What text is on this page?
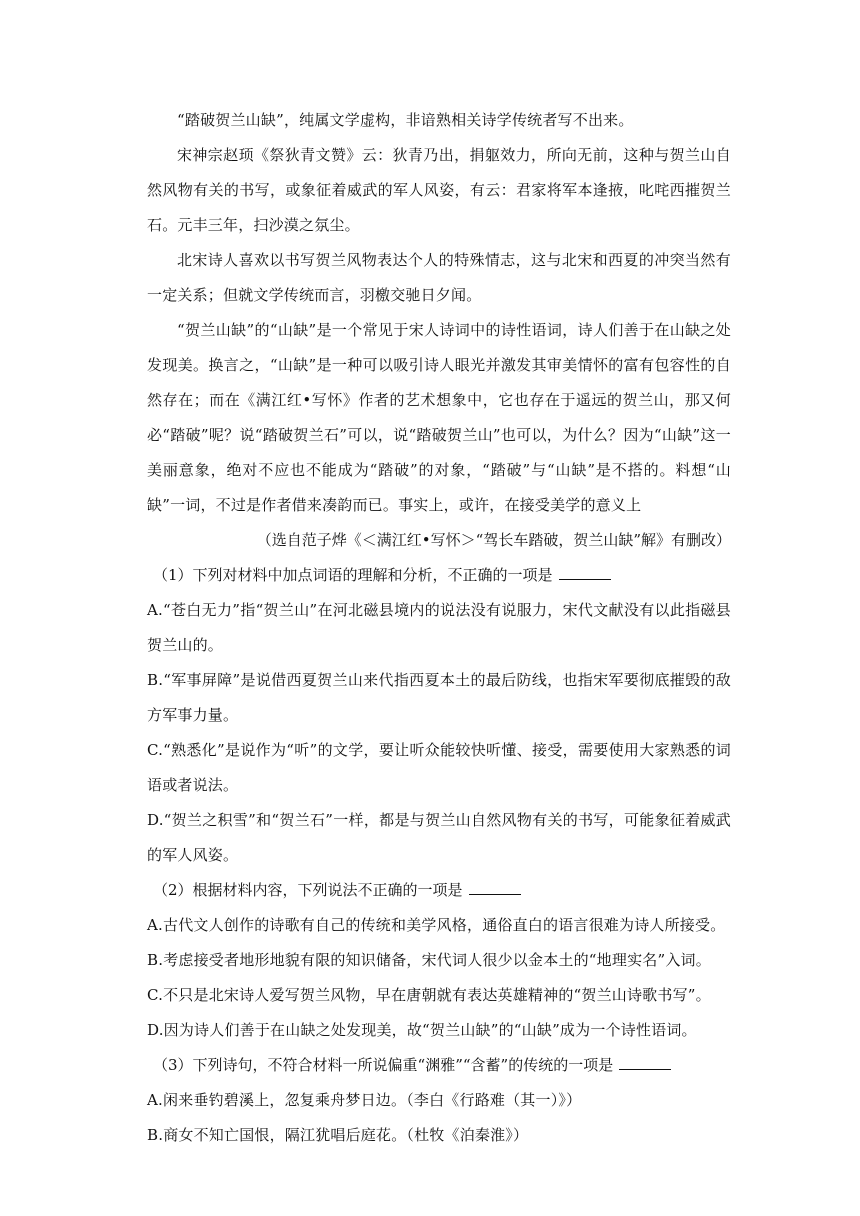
“踏破贺兰山缺”，纯属文学虚构，非谙熟相关诗学传统者写不出来。

宋神宗赵顼《祭狄青文赞》云：狄青乃出，捐躯效力，所向无前，这种与贺兰山自然风物有关的书写，或象征着威武的军人风姿，有云：君家将军本逢掖，叱咤西摧贺兰石。元丰三年，扫沙漠之氛尘。

北宋诗人喜欢以书写贺兰风物表达个人的特殊情志，这与北宋和西夏的冲突当然有一定关系；但就文学传统而言，羽檄交驰日夕闻。

“贺兰山缺”的“山缺”是一个常见于宋人诗词中的诗性语词，诗人们善于在山缺之处发现美。换言之，“山缺”是一种可以吸引诗人眼光并激发其审美情怀的富有包容性的自然存在；而在《满江红•写怀》作者的艺术想象中，它也存在于遥远的贺兰山，那又何必“踏破”呢？说“踏破贺兰石”可以，说“踏破贺兰山”也可以，为什么？因为“山缺”这一美丽意象，绝对不应也不能成为“踏破”的对象，“踏破”与“山缺”是不搭的。料想“山缺”一词，不过是作者借来凑韵而已。事实上，或许，在接受美学的意义上

（选自范子烨《＜满江红•写怀＞“驾长车踏破，贺兰山缺”解》有删改）

（1）下列对材料中加点词语的理解和分析，不正确的一项是

A.“苍白无力”指“贺兰山”在河北磁县境内的说法没有说服力，宋代文献没有以此指磁县贺兰山的。

B.“军事屏障”是说借西夏贺兰山来代指西夏本土的最后防线，也指宋军要彻底摧毁的敌方军事力量。

C.“熟悉化”是说作为“听”的文学，要让听众能较快听懂、接受，需要使用大家熟悉的词语或者说法。

D.“贺兰之积雪”和“贺兰石”一样，都是与贺兰山自然风物有关的书写，可能象征着威武的军人风姿。

（2）根据材料内容，下列说法不正确的一项是

A.古代文人创作的诗歌有自己的传统和美学风格，通俗直白的语言很难为诗人所接受。

B.考虑接受者地形地貌有限的知识储备，宋代词人很少以金本土的“地理实名”入词。

C.不只是北宋诗人爱写贺兰风物，早在唐朝就有表达英雄精神的“贺兰山诗歌书写”。

D.因为诗人们善于在山缺之处发现美，故“贺兰山缺”的“山缺”成为一个诗性语词。

（3）下列诗句，不符合材料一所说偏重“渊雅”“含蓄”的传统的一项是

A.闲来垂钓碧溪上，忽复乘舟梦日边。（李白《行路难（其一）》）

B.商女不知亡国恨，隔江犹唱后庭花。（杜牧《泊秦淮》）
